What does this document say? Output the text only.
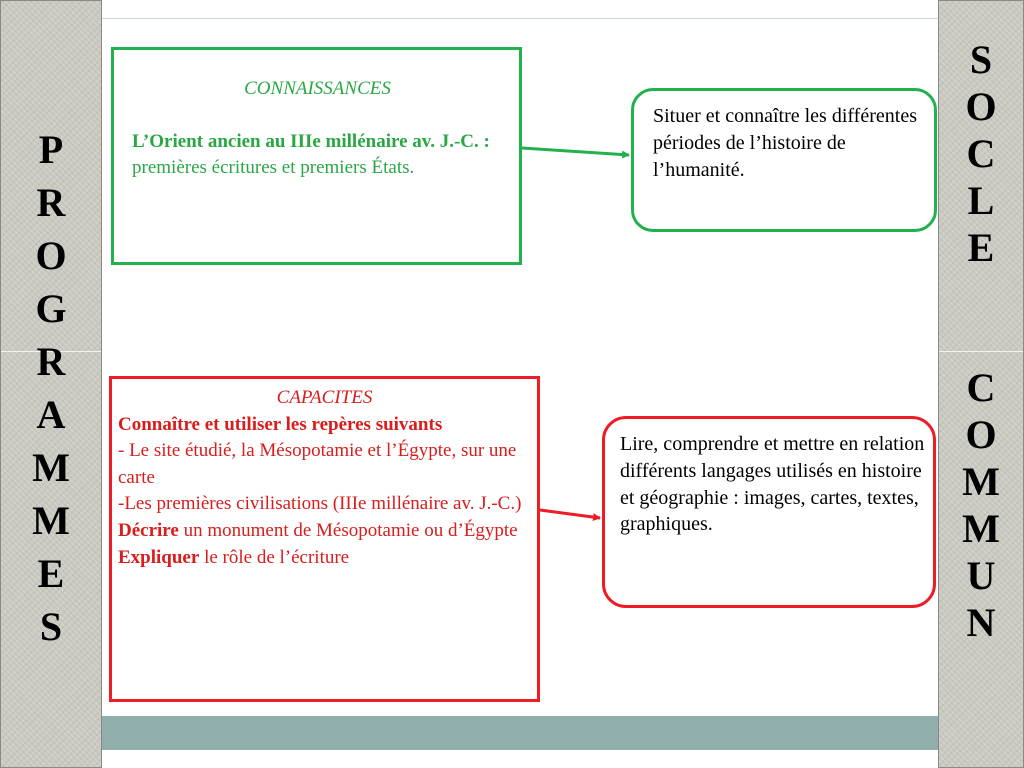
P
R
O
G
R
A
M
M
E
S
S
O
C
L
E
C
O
M
M
U
N
CONNAISSANCES
L’Orient ancien au IIIe millénaire av. J.-C. : premières écritures et premiers États.
Situer et connaître les différentes périodes de l’histoire de l’humanité.
CAPACITES
Connaître et utiliser les repères suivants
- Le site étudié, la Mésopotamie et l’Égypte, sur une carte
-Les premières civilisations (IIIe millénaire av. J.-C.)
Décrire un monument de Mésopotamie ou d’Égypte
Expliquer le rôle de l’écriture
Lire, comprendre et mettre en relation différents langages utilisés en histoire et géographie : images, cartes, textes, graphiques.
